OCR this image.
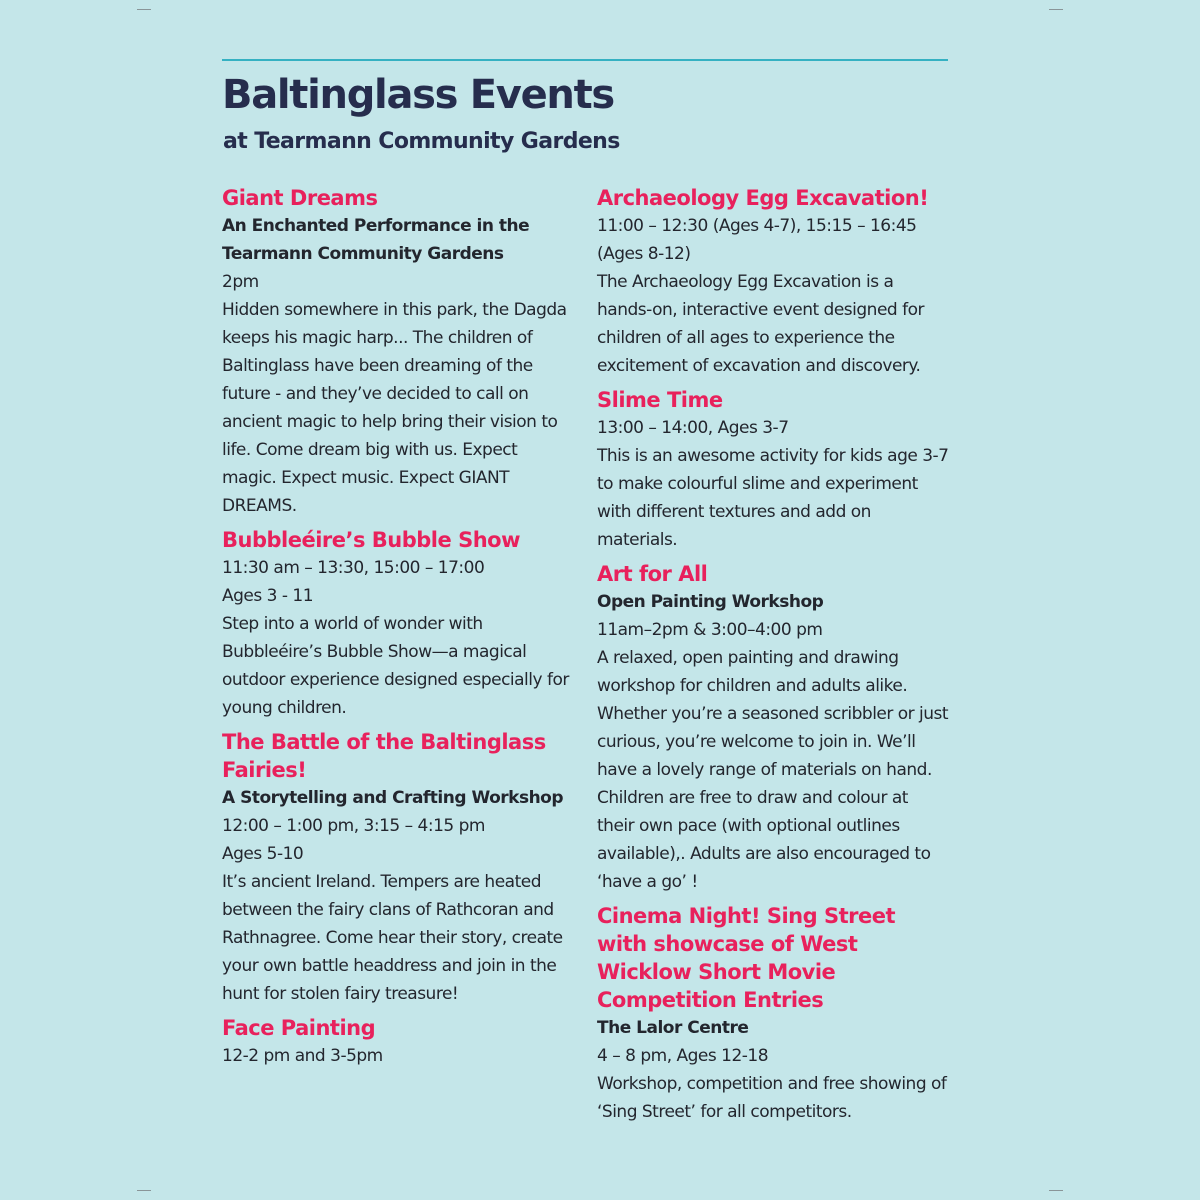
Baltinglass Events
at Tearmann Community Gardens
Giant Dreams

An Enchanted Performance in the Tearmann Community Gardens

2pm

Hidden somewhere in this park, the Dagda keeps his magic harp... The children of Baltinglass have been dreaming of the future - and they’ve decided to call on ancient magic to help bring their vision to life. Come dream big with us. Expect magic. Expect music. Expect GIANT DREAMS.

Bubbleéire’s Bubble Show

11:30 am – 13:30, 15:00 – 17:00

Ages 3 - 11

Step into a world of wonder with Bubbleéire’s Bubble Show—a magical outdoor experience designed especially for young children.

The Battle of the Baltinglass Fairies!

A Storytelling and Crafting Workshop

12:00 – 1:00 pm, 3:15 – 4:15 pm

Ages 5-10

It’s ancient Ireland. Tempers are heated between the fairy clans of Rathcoran and Rathnagree. Come hear their story, create your own battle headdress and join in the hunt for stolen fairy treasure!

Face Painting

12-2 pm and 3-5pm

Archaeology Egg Excavation!

11:00 – 12:30 (Ages 4-7), 15:15 – 16:45 (Ages 8-12)

The Archaeology Egg Excavation is a hands-on, interactive event designed for children of all ages to experience the excitement of excavation and discovery.

Slime Time

13:00 – 14:00, Ages 3-7

This is an awesome activity for kids age 3-7 to make colourful slime and experiment with different textures and add on materials.

Art for All

Open Painting Workshop

11am–2pm & 3:00–4:00 pm

A relaxed, open painting and drawing workshop for children and adults alike. Whether you’re a seasoned scribbler or just curious, you’re welcome to join in. We’ll have a lovely range of materials on hand. Children are free to draw and colour at their own pace (with optional outlines available),. Adults are also encouraged to ‘have a go’ !

Cinema Night! Sing Street with showcase of West Wicklow Short Movie Competition Entries

The Lalor Centre

4 – 8 pm, Ages 12-18

Workshop, competition and free showing of ‘Sing Street’ for all competitors.
